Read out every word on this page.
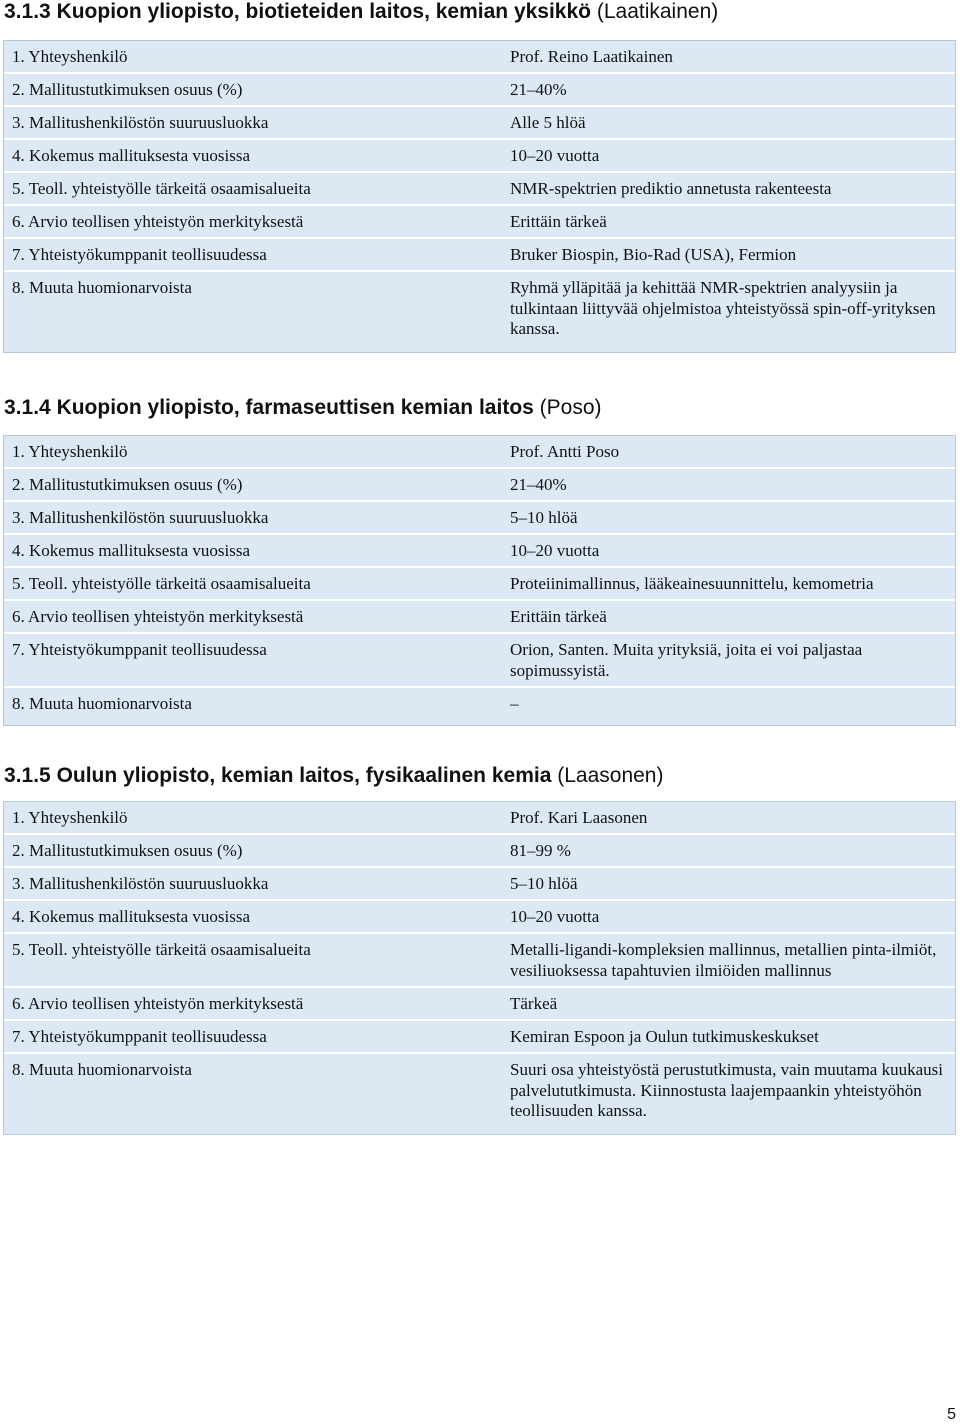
3.1.3 Kuopion yliopisto, biotieteiden laitos, kemian yksikkö (Laatikainen)
1. Yhteyshenkilö	Prof. Reino Laatikainen
2. Mallitustutkimuksen osuus (%)	21–40%
3. Mallitushenkilöstön suuruusluokka	Alle 5 hlöä
4. Kokemus mallituksesta vuosissa	10–20 vuotta
5. Teoll. yhteistyölle tärkeitä osaamisalueita	NMR-spektrien prediktio annetusta rakenteesta
6. Arvio teollisen yhteistyön merkityksestä	Erittäin tärkeä
7. Yhteistyökumppanit teollisuudessa	Bruker Biospin, Bio-Rad (USA), Fermion
8. Muuta huomionarvoista	Ryhmä ylläpitää ja kehittää NMR-spektrien analyysiin ja tulkintaan liittyvää ohjelmistoa yhteistyössä spin-off-yrityksen kanssa.
3.1.4 Kuopion yliopisto, farmaseuttisen kemian laitos (Poso)
1. Yhteyshenkilö	Prof. Antti Poso
2. Mallitustutkimuksen osuus (%)	21–40%
3. Mallitushenkilöstön suuruusluokka	5–10 hlöä
4. Kokemus mallituksesta vuosissa	10–20 vuotta
5. Teoll. yhteistyölle tärkeitä osaamisalueita	Proteiinimallinnus, lääkeainesuunnittelu, kemometria
6. Arvio teollisen yhteistyön merkityksestä	Erittäin tärkeä
7. Yhteistyökumppanit teollisuudessa	Orion, Santen. Muita yrityksiä, joita ei voi paljastaa sopimussyistä.
8. Muuta huomionarvoista	–
3.1.5 Oulun yliopisto, kemian laitos, fysikaalinen kemia (Laasonen)
1. Yhteyshenkilö	Prof. Kari Laasonen
2. Mallitustutkimuksen osuus (%)	81–99 %
3. Mallitushenkilöstön suuruusluokka	5–10 hlöä
4. Kokemus mallituksesta vuosissa	10–20 vuotta
5. Teoll. yhteistyölle tärkeitä osaamisalueita	Metalli-ligandi-kompleksien mallinnus, metallien pinta-ilmiöt, vesiliuoksessa tapahtuvien ilmiöiden mallinnus
6. Arvio teollisen yhteistyön merkityksestä	Tärkeä
7. Yhteistyökumppanit teollisuudessa	Kemiran Espoon ja Oulun tutkimuskeskukset
8. Muuta huomionarvoista	Suuri osa yhteistyöstä perustutkimusta, vain muutama kuukausi palvelututkimusta. Kiinnostusta laajempaankin yhteistyöhön teollisuuden kanssa.
5
